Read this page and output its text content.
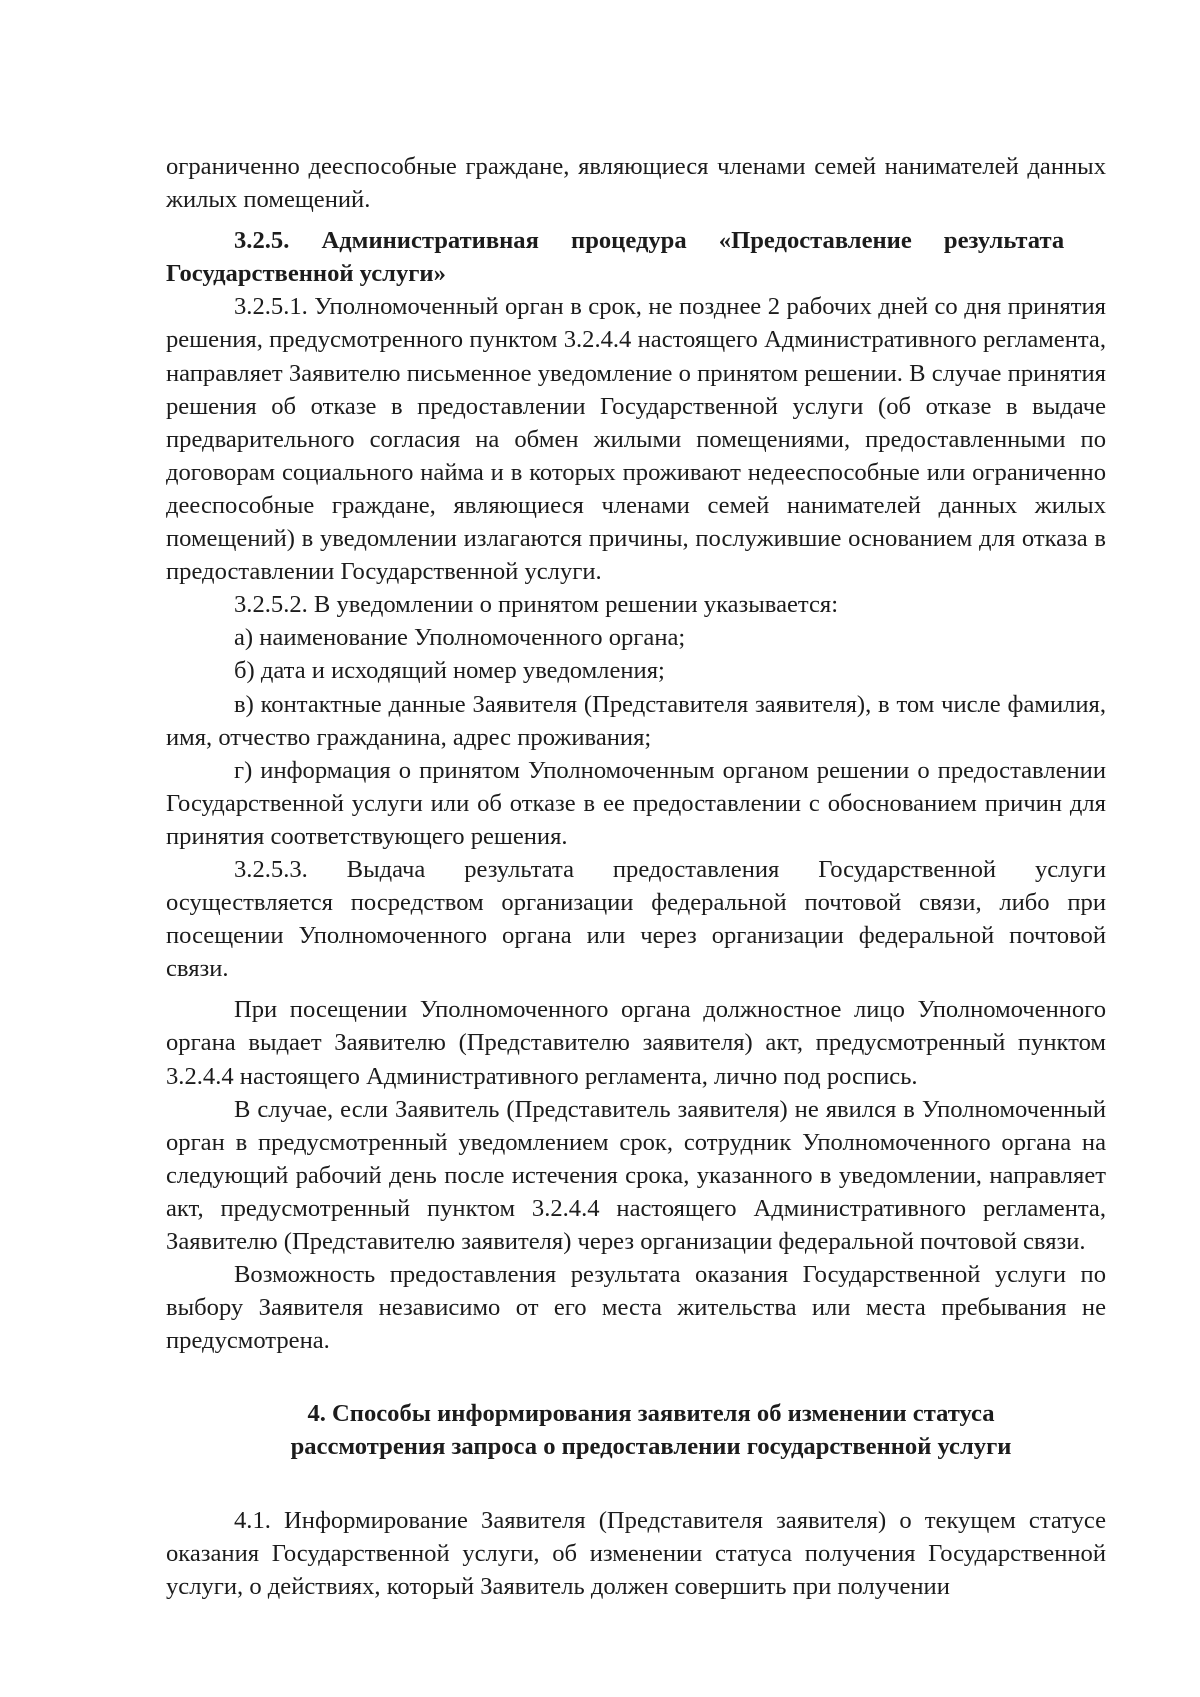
ограниченно дееспособные граждане, являющиеся членами семей нанимателей данных жилых помещений.

3.2.5. Административная процедура «Предоставление результата
Государственной услуги»

3.2.5.1. Уполномоченный орган в срок, не позднее 2 рабочих дней со дня принятия решения, предусмотренного пунктом 3.2.4.4 настоящего Административного регламента, направляет Заявителю письменное уведомление о принятом решении. В случае принятия решения об отказе в предоставлении Государственной услуги (об отказе в выдаче предварительного согласия на обмен жилыми помещениями, предоставленными по договорам социального найма и в которых проживают недееспособные или ограниченно дееспособные граждане, являющиеся членами семей нанимателей данных жилых помещений) в уведомлении излагаются причины, послужившие основанием для отказа в предоставлении Государственной услуги.

3.2.5.2. В уведомлении о принятом решении указывается:

а) наименование Уполномоченного органа;

б) дата и исходящий номер уведомления;

в) контактные данные Заявителя (Представителя заявителя), в том числе фамилия, имя, отчество гражданина, адрес проживания;

г) информация о принятом Уполномоченным органом решении о предоставлении Государственной услуги или об отказе в ее предоставлении с обоснованием причин для принятия соответствующего решения.

3.2.5.3. Выдача результата предоставления Государственной услуги осуществляется посредством организации федеральной почтовой связи, либо при посещении Уполномоченного органа или через организации федеральной почтовой связи.

При посещении Уполномоченного органа должностное лицо Уполномоченного органа выдает Заявителю (Представителю заявителя) акт, предусмотренный пунктом 3.2.4.4 настоящего Административного регламента, лично под роспись.

В случае, если Заявитель (Представитель заявителя) не явился в Уполномоченный орган в предусмотренный уведомлением срок, сотрудник Уполномоченного органа на следующий рабочий день после истечения срока, указанного в уведомлении, направляет акт, предусмотренный пунктом 3.2.4.4 настоящего Административного регламента, Заявителю (Представителю заявителя) через организации федеральной почтовой связи.

Возможность предоставления результата оказания Государственной услуги по выбору Заявителя независимо от его места жительства или места пребывания не предусмотрена.

4. Способы информирования заявителя об изменении статуса
рассмотрения запроса о предоставлении государственной услуги

4.1. Информирование Заявителя (Представителя заявителя) о текущем статусе оказания Государственной услуги, об изменении статуса получения Государственной услуги, о действиях, который Заявитель должен совершить при получении
